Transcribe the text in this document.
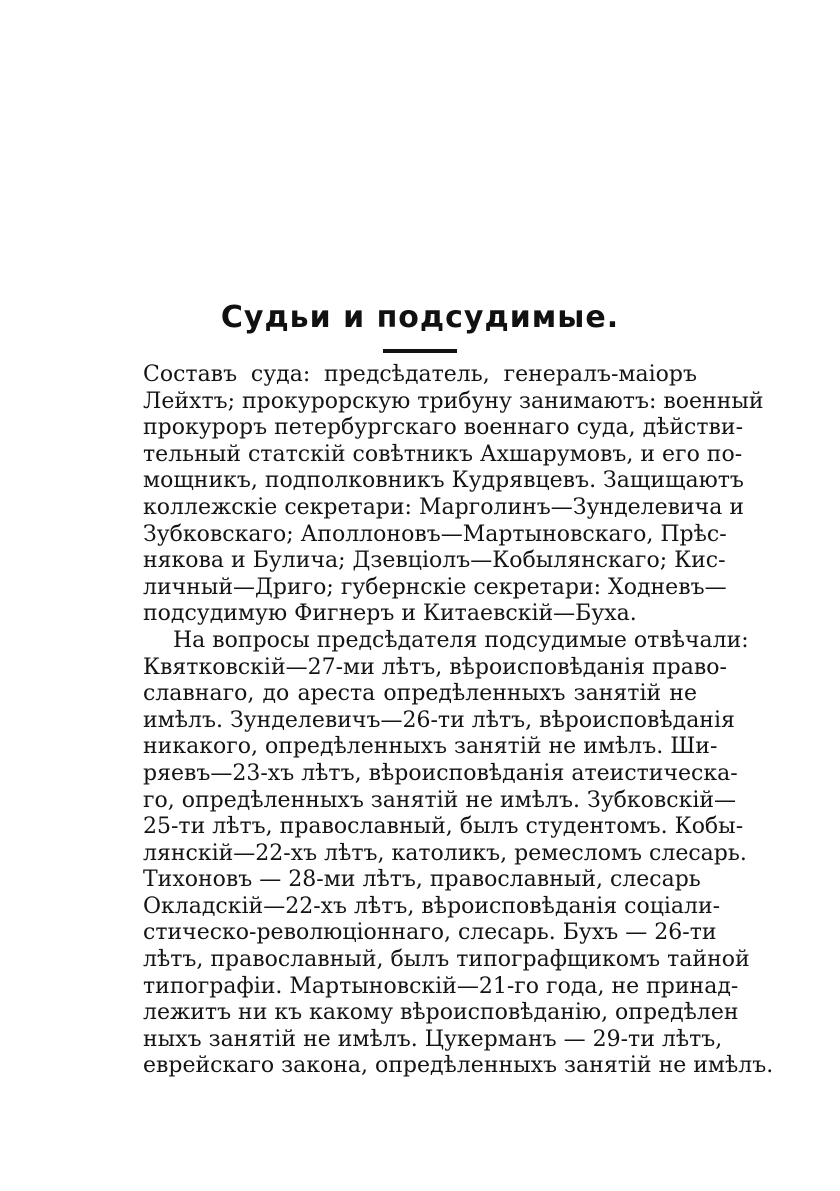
Судьи и подсудимые.
Составъ суда: предсѣдатель, генералъ-маіоръ
Лейхтъ; прокурорскую трибуну занимаютъ: военный
прокуроръ петербургскаго военнаго суда, дѣйстви-
тельный статскій совѣтникъ Ахшарумовъ, и его по-
мощникъ, подполковникъ Кудрявцевъ. Защищаютъ
коллежскіе секретари: Марголинъ—Зунделевича и
Зубковскаго; Аполлоновъ—Мартыновскаго, Прѣс-
някова и Булича; Дзевціолъ—Кобылянскаго; Кис-
личный—Дриго; губернскіе секретари: Ходневъ—
подсудимую Фигнеръ и Китаевскій—Буха.
На вопросы предсѣдателя подсудимые отвѣчали:
Квятковскій—27-ми лѣтъ, вѣроисповѣданія право-
славнаго, до ареста опредѣленныхъ занятій не
имѣлъ. Зунделевичъ—26-ти лѣтъ, вѣроисповѣданія
никакого, опредѣленныхъ занятій не имѣлъ. Ши-
ряевъ—23-хъ лѣтъ, вѣроисповѣданія атеистическа-
го, опредѣленныхъ занятій не имѣлъ. Зубковскій—
25-ти лѣтъ, православный, былъ студентомъ. Кобы-
лянскій—22-хъ лѣтъ, католикъ, ремесломъ слесарь.
Тихоновъ — 28-ми лѣтъ, православный, слесарь
Окладскій—22-хъ лѣтъ, вѣроисповѣданія соціали-
стическо-революціоннаго, слесарь. Бухъ — 26-ти
лѣтъ, православный, былъ типографщикомъ тайной
типографіи. Мартыновскій—21-го года, не принад-
лежитъ ни къ какому вѣроисповѣданію, опредѣлен
ныхъ занятій не имѣлъ. Цукерманъ — 29-ти лѣтъ,
еврейскаго закона, опредѣленныхъ занятій не имѣлъ.
